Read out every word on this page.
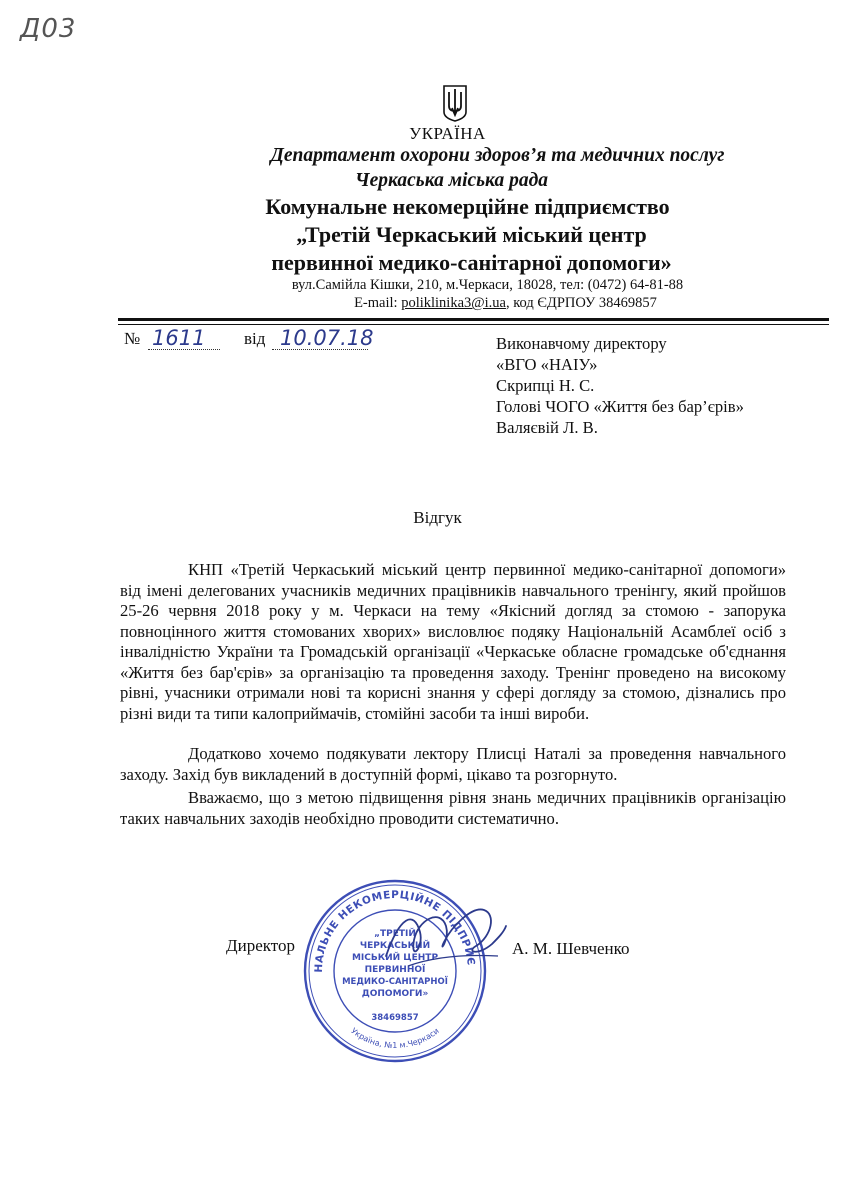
Д03
УКРАЇНА
Департамент охорони здоров’я та медичних послуг
Черкаська міська рада
Комунальне некомерційне підприємство
„Третій Черкаський міський центр
первинної медико-санітарної допомоги»
вул.Самійла Кішки, 210, м.Черкаси, 18028, тел: (0472) 64-81-88
E-mail: poliklinika3@i.ua, код ЄДРПОУ 38469857
№ 1611 від 10.07.18	Виконавчому директору
«ВГО «НАІУ»
Скрипці Н. С.
Голові ЧОГО «Життя без бар’єрів»
Валяєвій Л. В.
Відгук
КНП «Третій Черкаський міський центр первинної медико-санітарної допомоги» від імені делегованих учасників медичних працівників навчального тренінгу, який пройшов 25-26 червня 2018 року у м. Черкаси на тему «Якісний догляд за стомою - запорука повноцінного життя стомованих хворих» висловлює подяку Національній Асамблеї осіб з інвалідністю України та Громадській організації «Черкаське обласне громадське об'єднання «Життя без бар'єрів» за організацію та проведення заходу. Тренінг проведено на високому рівні, учасники отримали нові та корисні знання у сфері догляду за стомою, дізнались про різні види та типи калоприймачів, стомійні засоби та інші вироби.
Додатково хочемо подякувати лектору Плисці Наталі за проведення навчального заходу. Захід був викладений в доступній формі, цікаво та розгорнуто.
Вважаємо, що з метою підвищення рівня знань медичних працівників організацію таких навчальних заходів необхідно проводити систематично.
Директор	А. М. Шевченко
НАЛЬНЕ НЕКОМЕРЦІЙНЕ ПІДПРИЄ
Україна, №1 м.Черкаси
„ТРЕТІЙ
ЧЕРКАСЬКИЙ
МІСЬКИЙ ЦЕНТР
ПЕРВИННОЇ
МЕДИКО-САНІТАРНОЇ
ДОПОМОГИ»
38469857
